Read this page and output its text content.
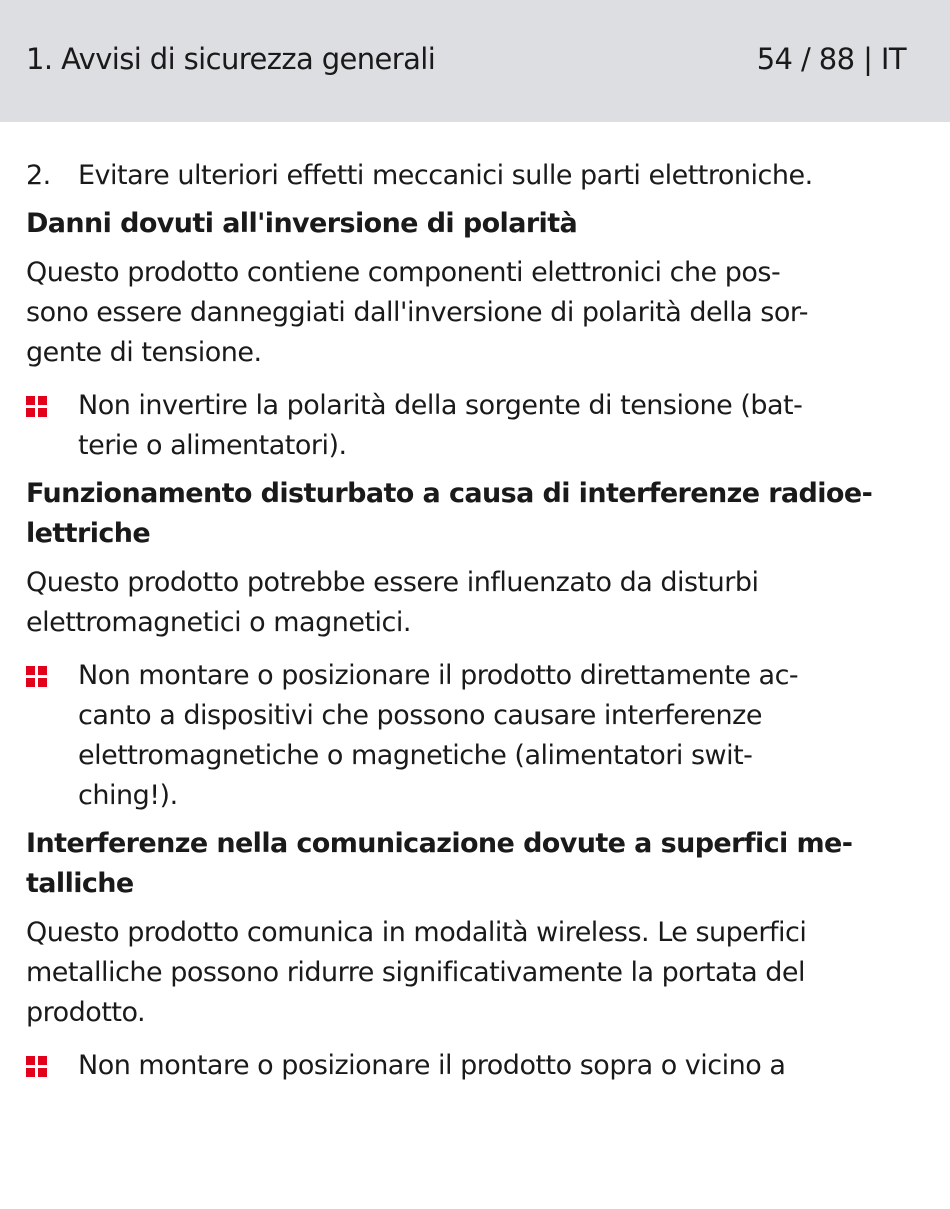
1. Avvisi di sicurezza generali	54 / 88 | IT
2.	Evitare ulteriori effetti meccanici sulle parti elettroniche.
Danni dovuti all'inversione di polarità
Questo prodotto contiene componenti elettronici che pos-
sono essere danneggiati dall'inversione di polarità della sor-
gente di tensione.
Non invertire la polarità della sorgente di tensione (bat-
terie o alimentatori).
Funzionamento disturbato a causa di interferenze radioe-
lettriche
Questo prodotto potrebbe essere influenzato da disturbi
elettromagnetici o magnetici.
Non montare o posizionare il prodotto direttamente ac-
canto a dispositivi che possono causare interferenze
elettromagnetiche o magnetiche (alimentatori swit-
ching!).
Interferenze nella comunicazione dovute a superfici me-
talliche
Questo prodotto comunica in modalità wireless. Le superfici
metalliche possono ridurre significativamente la portata del
prodotto.
Non montare o posizionare il prodotto sopra o vicino a
